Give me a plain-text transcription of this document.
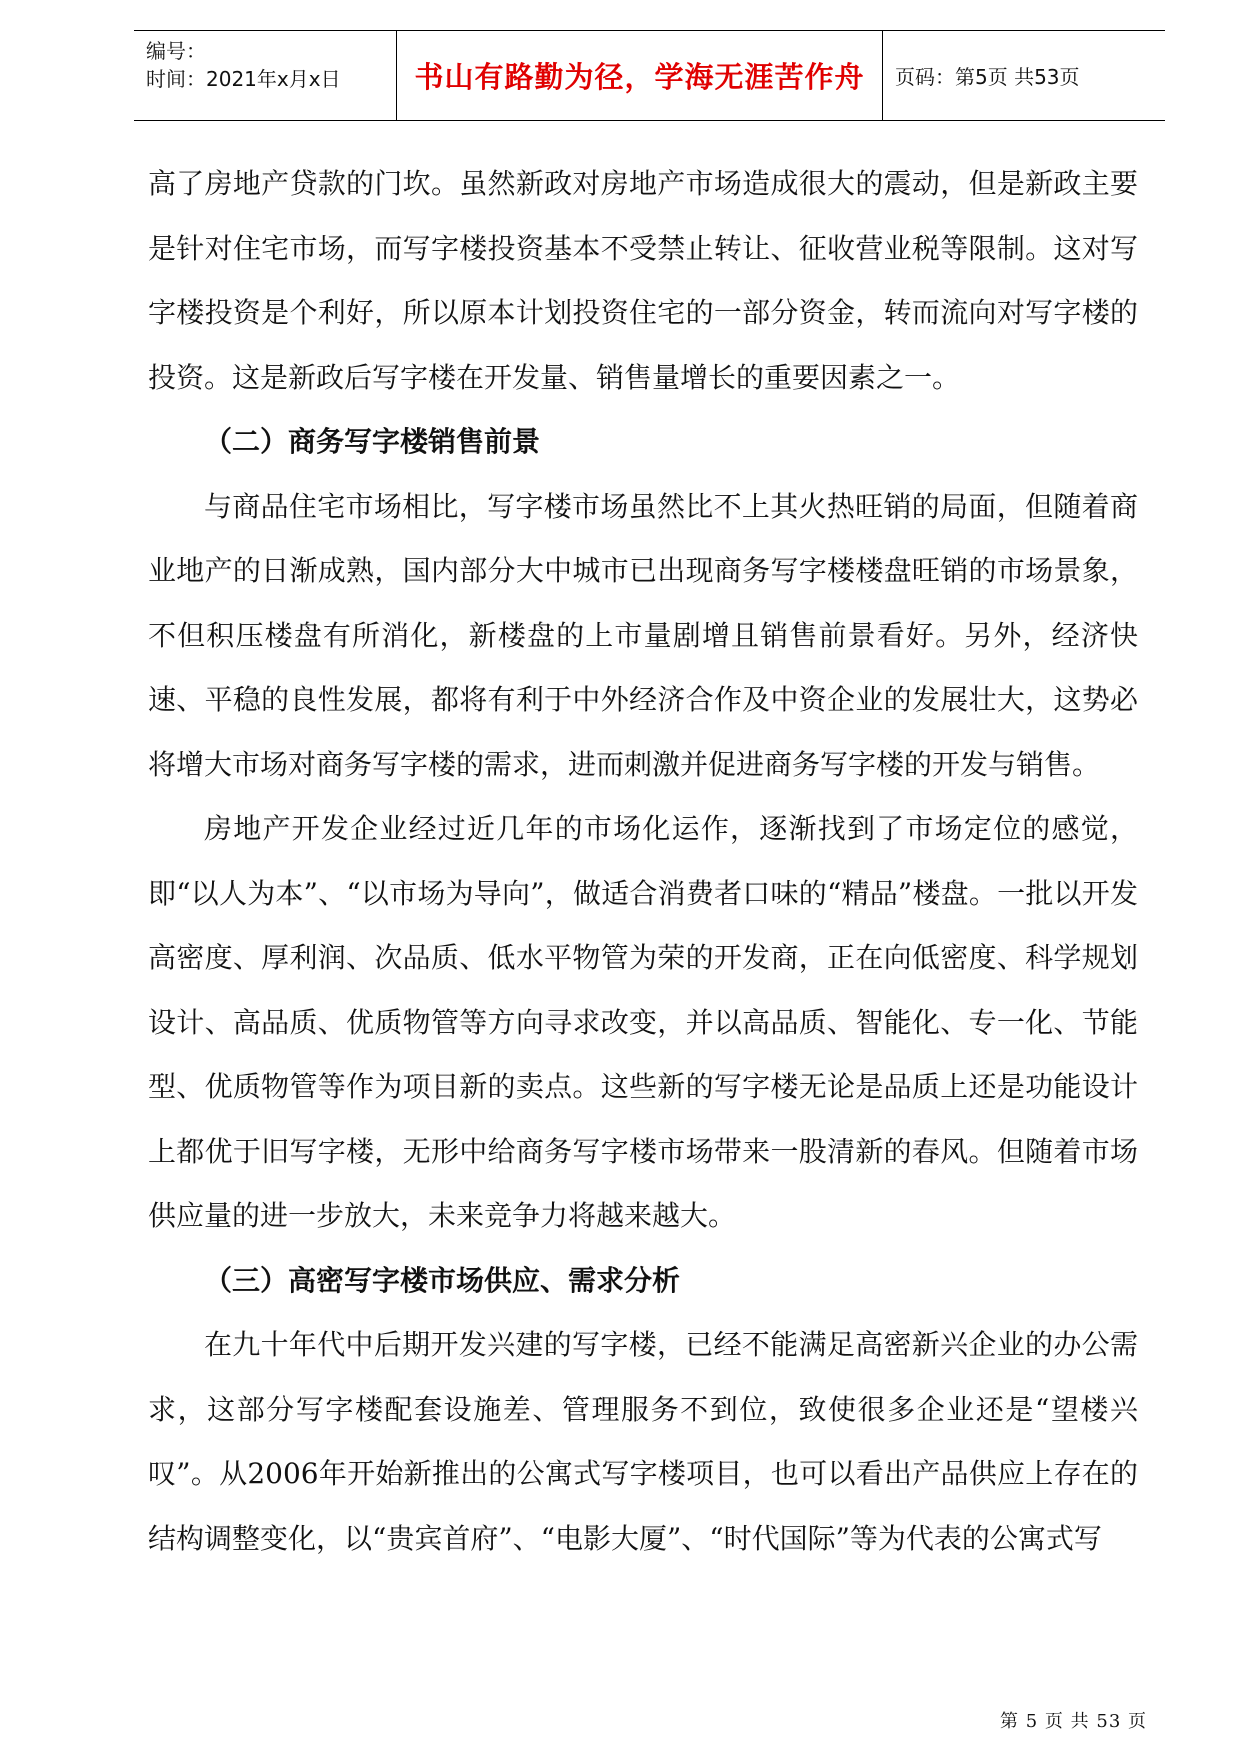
编号：
时间：2021年x月x日	书山有路勤为径，学海无涯苦作舟	页码：第5页 共53页

高了房地产贷款的门坎。虽然新政对房地产市场造成很大的震动，但是新政主要是针对住宅市场，而写字楼投资基本不受禁止转让、征收营业税等限制。这对写字楼投资是个利好，所以原本计划投资住宅的一部分资金，转而流向对写字楼的投资。这是新政后写字楼在开发量、销售量增长的重要因素之一。

（二）商务写字楼销售前景

与商品住宅市场相比，写字楼市场虽然比不上其火热旺销的局面，但随着商业地产的日渐成熟，国内部分大中城市已出现商务写字楼楼盘旺销的市场景象，不但积压楼盘有所消化，新楼盘的上市量剧增且销售前景看好。另外，经济快速、平稳的良性发展，都将有利于中外经济合作及中资企业的发展壮大，这势必将增大市场对商务写字楼的需求，进而刺激并促进商务写字楼的开发与销售。

房地产开发企业经过近几年的市场化运作，逐渐找到了市场定位的感觉，即“以人为本”、“以市场为导向”，做适合消费者口味的“精品”楼盘。一批以开发高密度、厚利润、次品质、低水平物管为荣的开发商，正在向低密度、科学规划设计、高品质、优质物管等方向寻求改变，并以高品质、智能化、专一化、节能型、优质物管等作为项目新的卖点。这些新的写字楼无论是品质上还是功能设计上都优于旧写字楼，无形中给商务写字楼市场带来一股清新的春风。但随着市场供应量的进一步放大，未来竞争力将越来越大。

（三）高密写字楼市场供应、需求分析

在九十年代中后期开发兴建的写字楼，已经不能满足高密新兴企业的办公需求，这部分写字楼配套设施差、管理服务不到位，致使很多企业还是“望楼兴叹”。从2006年开始新推出的公寓式写字楼项目，也可以看出产品供应上存在的结构调整变化，以“贵宾首府”、“电影大厦”、“时代国际”等为代表的公寓式写

第 5 页 共 53 页
